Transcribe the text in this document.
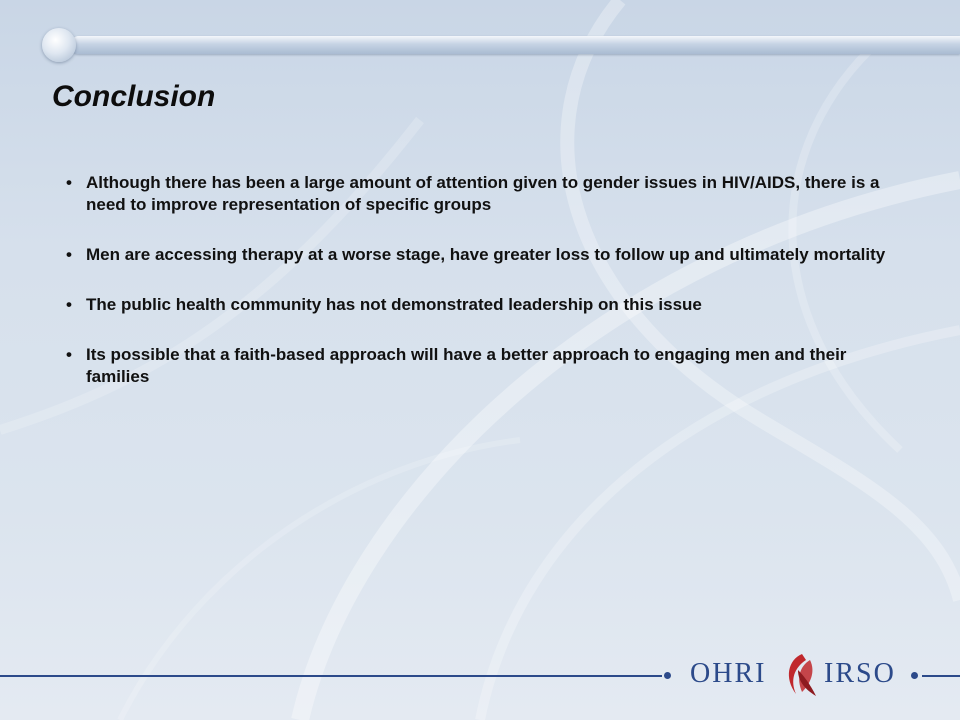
Conclusion
• Although there has been a large amount of attention given to gender issues in HIV/AIDS, there is a need to improve representation of specific groups
• Men are accessing therapy at a worse stage, have greater loss to follow up and ultimately mortality
• The public health community has not demonstrated leadership on this issue
• Its possible that a faith-based approach will have a better approach to engaging men and their families
OHRI IRSO
